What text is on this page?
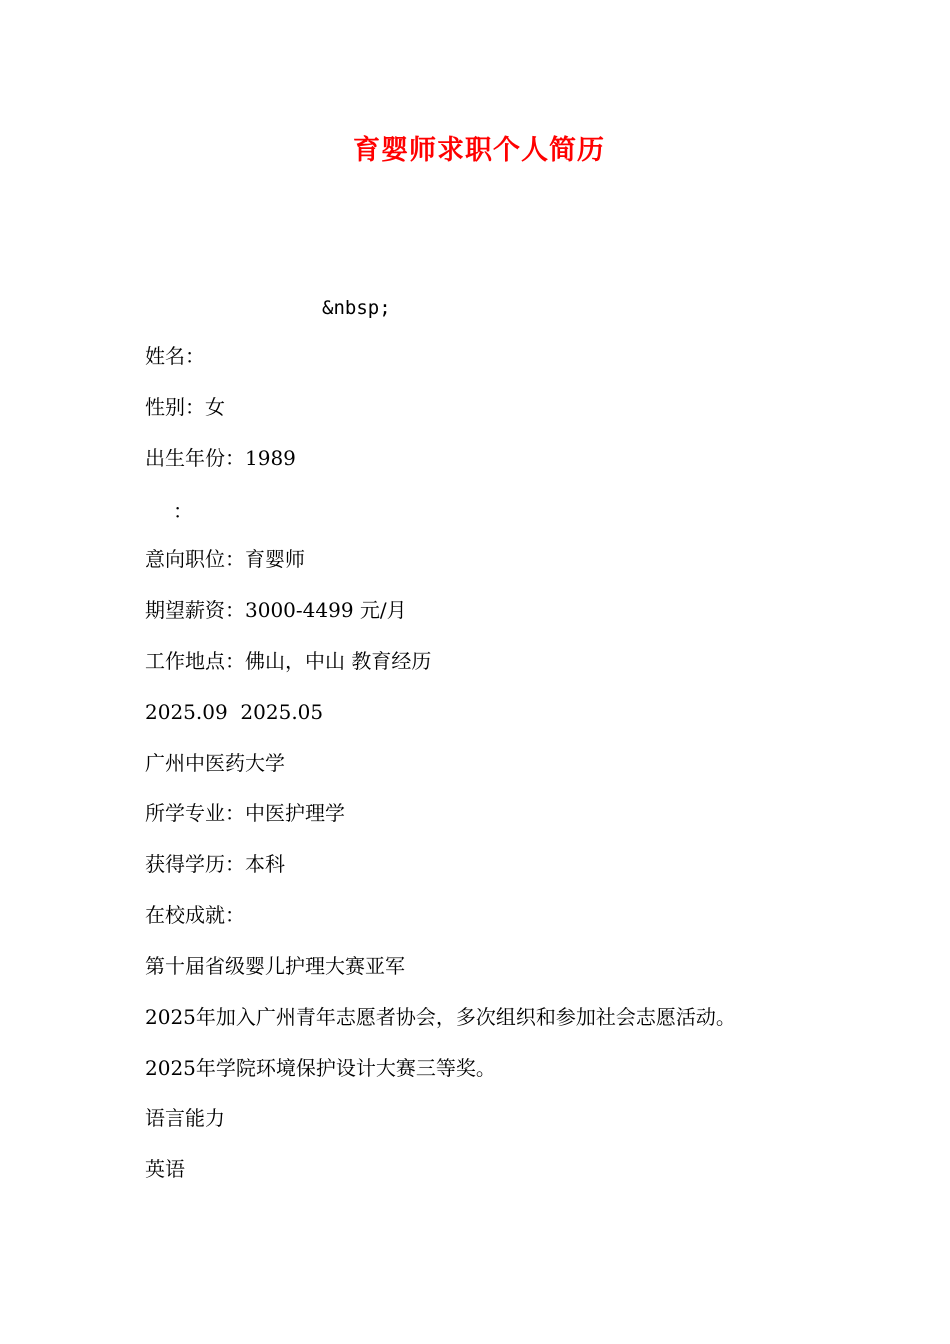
育婴师求职个人简历
&nbsp;
姓名：
性别：女
出生年份：1989
：
意向职位：育婴师
期望薪资：3000-4499 元/月
工作地点：佛山，中山 教育经历
2025.09  2025.05
广州中医药大学
所学专业：中医护理学
获得学历：本科
在校成就：
第十届省级婴儿护理大赛亚军
2025年加入广州青年志愿者协会，多次组织和参加社会志愿活动。
2025年学院环境保护设计大赛三等奖。
语言能力
英语
